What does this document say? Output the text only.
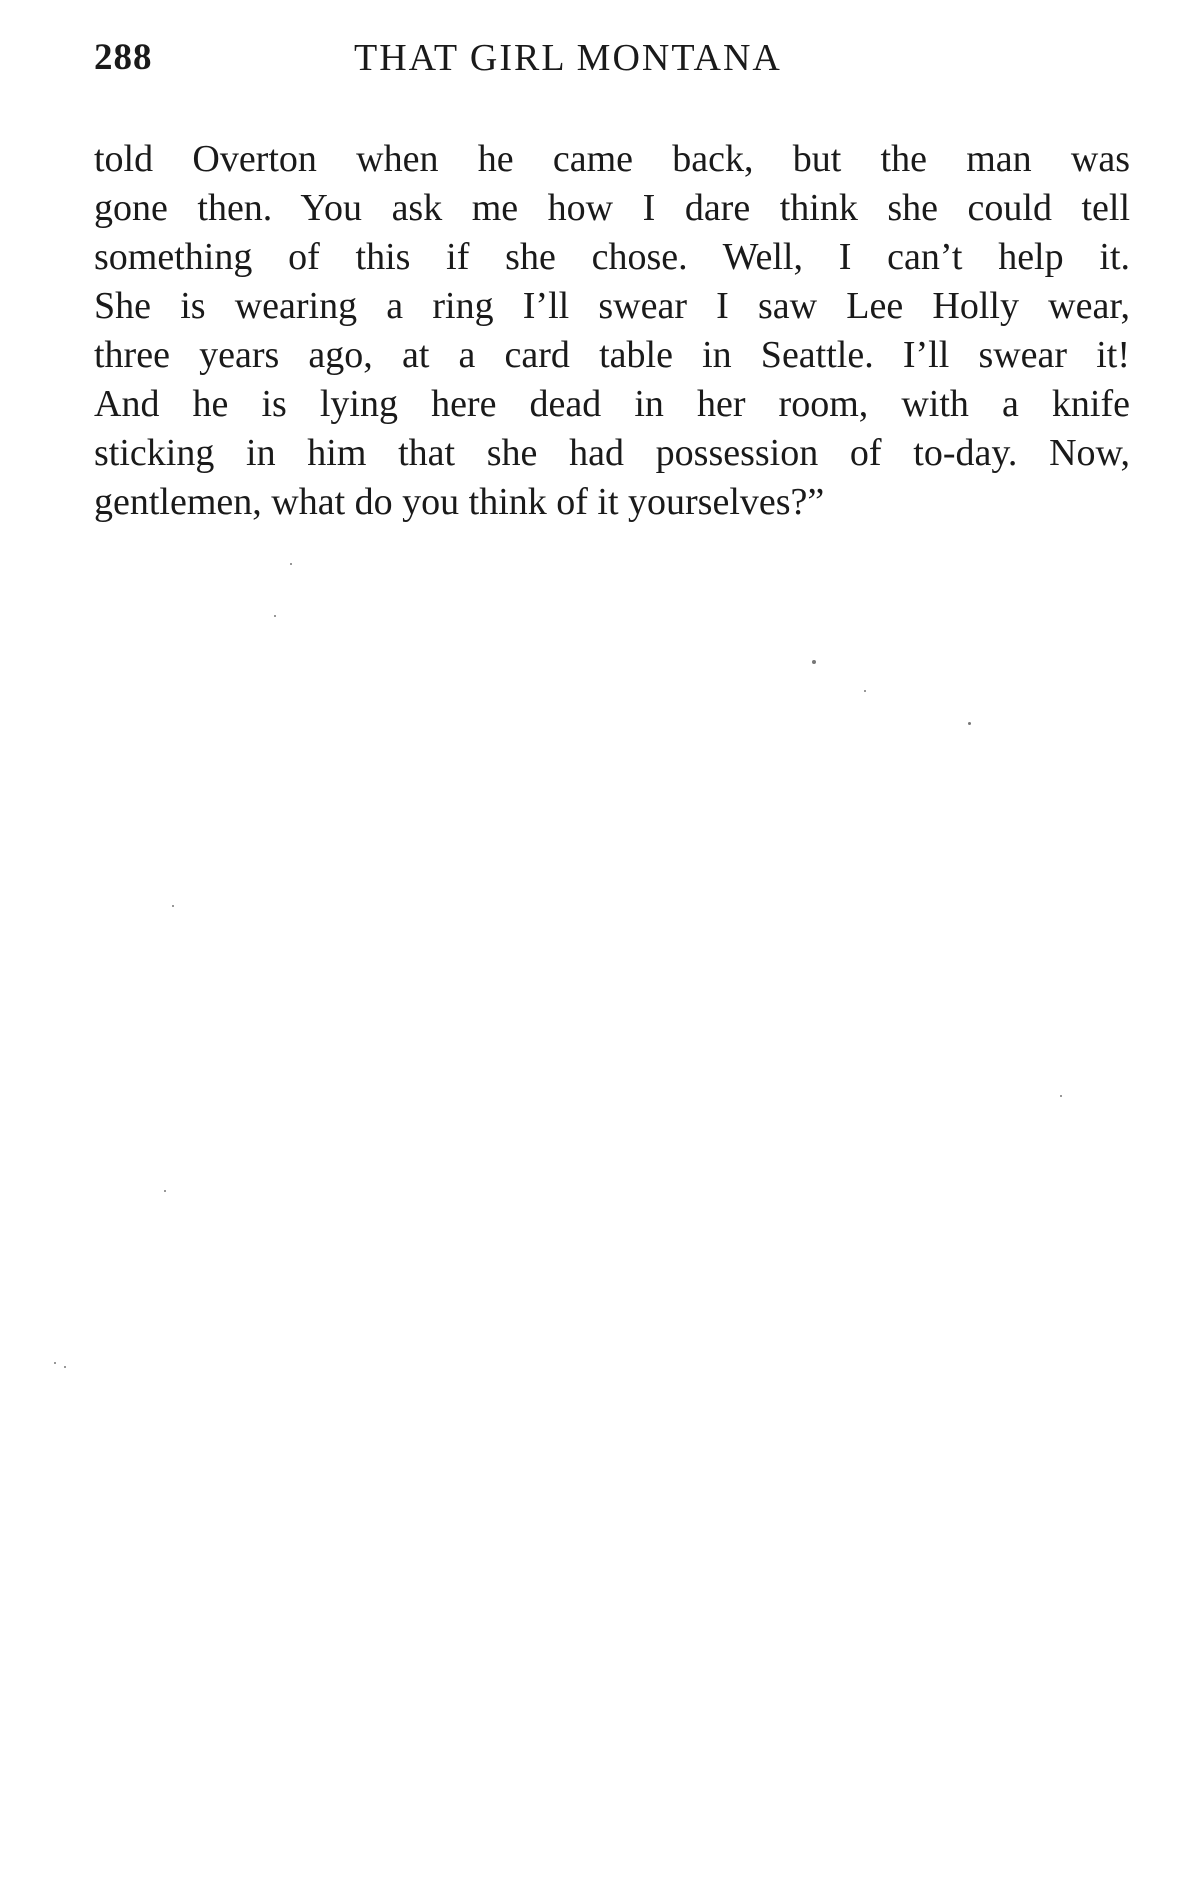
288	THAT GIRL MONTANA
told Overton when he came back, but the man was
gone then. You ask me how I dare think she could tell
something of this if she chose. Well, I can’t help it.
She is wearing a ring I’ll swear I saw Lee Holly wear,
three years ago, at a card table in Seattle. I’ll swear it!
And he is lying here dead in her room, with a knife
sticking in him that she had possession of to-day. Now,
gentlemen, what do you think of it yourselves?”
